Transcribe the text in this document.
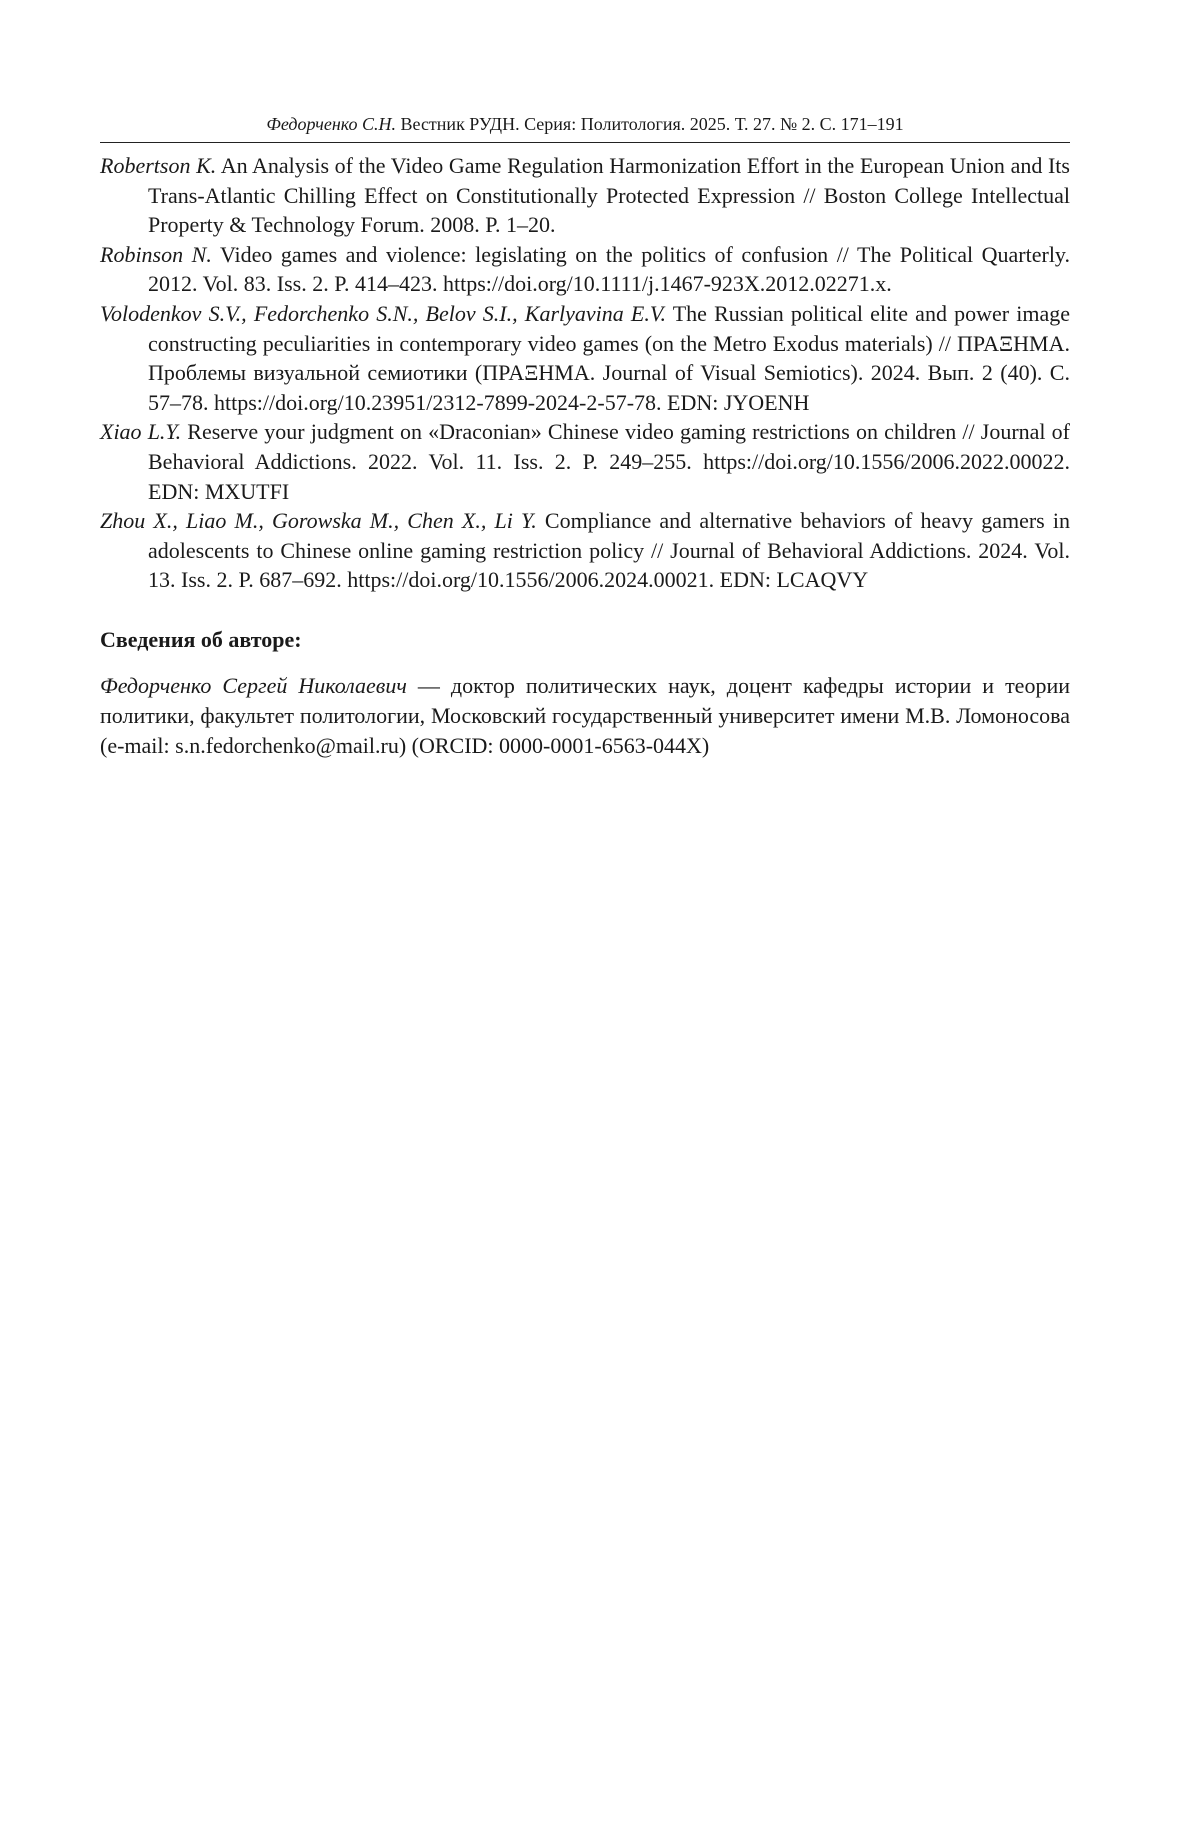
Федорченко С.Н. Вестник РУДН. Серия: Политология. 2025. Т. 27. № 2. С. 171–191

Robertson K. An Analysis of the Video Game Regulation Harmonization Effort in the European Union and Its Trans-Atlantic Chilling Effect on Constitutionally Protected Expression // Boston College Intellectual Property & Technology Forum. 2008. P. 1–20.

Robinson N. Video games and violence: legislating on the politics of confusion // The Political Quarterly. 2012. Vol. 83. Iss. 2. P. 414–423. https://doi.org/10.1111/j.1467-923X.2012.02271.x.

Volodenkov S.V., Fedorchenko S.N., Belov S.I., Karlyavina E.V. The Russian political elite and power image constructing peculiarities in contemporary video games (on the Metro Exodus materials) // ΠΡΑΞΗΜΑ. Проблемы визуальной семиотики (ΠΡΑΞΗΜΑ. Journal of Visual Semiotics). 2024. Вып. 2 (40). С. 57–78. https://doi.org/10.23951/2312-7899-2024-2-57-78. EDN: JYOENH

Xiao L.Y. Reserve your judgment on «Draconian» Chinese video gaming restrictions on children // Journal of Behavioral Addictions. 2022. Vol. 11. Iss. 2. P. 249–255. https://doi.org/10.1556/2006.2022.00022. EDN: MXUTFI

Zhou X., Liao M., Gorowska M., Chen X., Li Y. Compliance and alternative behaviors of heavy gamers in adolescents to Chinese online gaming restriction policy // Journal of Behavioral Addictions. 2024. Vol. 13. Iss. 2. P. 687–692. https://doi.org/10.1556/2006.2024.00021. EDN: LCAQVY

Сведения об авторе:

Федорченко Сергей Николаевич — доктор политических наук, доцент кафедры истории и теории политики, факультет политологии, Московский государственный университет имени М.В. Ломоносова (e-mail: s.n.fedorchenko@mail.ru) (ORCID: 0000-0001-6563-044X)
